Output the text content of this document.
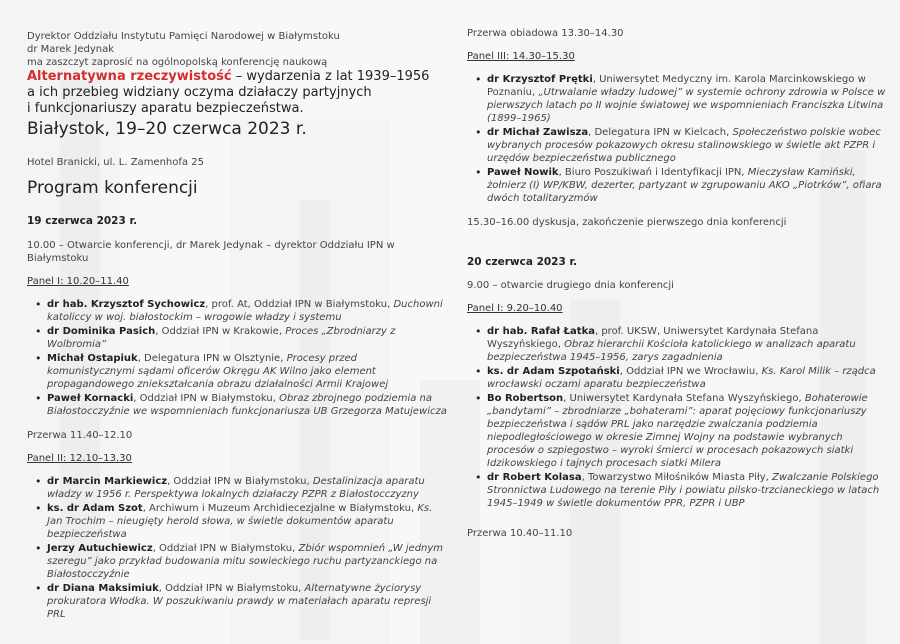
Dyrektor Oddziału Instytutu Pamięci Narodowej w Białymstoku

dr Marek Jedynak

ma zaszczyt zaprosić na ogólnopolską konferencję naukową

Alternatywna rzeczywistość – wydarzenia z lat 1939–1956

a ich przebieg widziany oczyma działaczy partyjnych

i funkcjonariuszy aparatu bezpieczeństwa.

Białystok, 19–20 czerwca 2023 r.

Hotel Branicki, ul. L. Zamenhofa 25

Program konferencji

19 czerwca 2023 r.

10.00 – Otwarcie konferencji, dr Marek Jedynak – dyrektor Oddziału IPN w Białymstoku

Panel I: 10.20–11.40

• dr hab. Krzysztof Sychowicz, prof. At, Oddział IPN w Białymstoku, Duchowni katoliccy w woj. białostockim – wrogowie władzy i systemu
• dr Dominika Pasich, Oddział IPN w Krakowie, Proces „Zbrodniarzy z Wolbromia”
• Michał Ostapiuk, Delegatura IPN w Olsztynie, Procesy przed komunistycznymi sądami oficerów Okręgu AK Wilno jako element propagandowego zniekształcania obrazu działalności Armii Krajowej
• Paweł Kornacki, Oddział IPN w Białymstoku, Obraz zbrojnego podziemia na Białostocczyźnie we wspomnieniach funkcjonariusza UB Grzegorza Matujewicza

Przerwa 11.40–12.10

Panel II: 12.10–13.30

• dr Marcin Markiewicz, Oddział IPN w Białymstoku, Destalinizacja aparatu władzy w 1956 r. Perspektywa lokalnych działaczy PZPR z Białostocczyzny
• ks. dr Adam Szot, Archiwum i Muzeum Archidiecezjalne w Białymstoku, Ks. Jan Trochim – nieugięty herold słowa, w świetle dokumentów aparatu bezpieczeństwa
• Jerzy Autuchiewicz, Oddział IPN w Białymstoku, Zbiór wspomnień „W jednym szeregu” jako przykład budowania mitu sowieckiego ruchu partyzanckiego na Białostocczyźnie
• dr Diana Maksimiuk, Oddział IPN w Białymstoku, Alternatywne życiorysy prokuratora Włodka. W poszukiwaniu prawdy w materiałach aparatu represji PRL

Przerwa obiadowa 13.30–14.30

Panel III: 14.30–15.30

• dr Krzysztof Prętki, Uniwersytet Medyczny im. Karola Marcinkowskiego w Poznaniu, „Utrwalanie władzy ludowej” w systemie ochrony zdrowia w Polsce w pierwszych latach po II wojnie światowej we wspomnieniach Franciszka Litwina (1899–1965)
• dr Michał Zawisza, Delegatura IPN w Kielcach, Społeczeństwo polskie wobec wybranych procesów pokazowych okresu stalinowskiego w świetle akt PZPR i urzędów bezpieczeństwa publicznego
• Paweł Nowik, Biuro Poszukiwań i Identyfikacji IPN, Mieczysław Kamiński, żołnierz (I) WP/KBW, dezerter, partyzant w zgrupowaniu AKO „Piotrków”, ofiara dwóch totalitaryzmów

15.30–16.00 dyskusja, zakończenie pierwszego dnia konferencji

20 czerwca 2023 r.

9.00 – otwarcie drugiego dnia konferencji

Panel I: 9.20–10.40

• dr hab. Rafał Łatka, prof. UKSW, Uniwersytet Kardynała Stefana Wyszyńskiego, Obraz hierarchii Kościoła katolickiego w analizach aparatu bezpieczeństwa 1945–1956, zarys zagadnienia
• ks. dr Adam Szpotański, Oddział IPN we Wrocławiu, Ks. Karol Milik – rządca wrocławski oczami aparatu bezpieczeństwa
• Bo Robertson, Uniwersytet Kardynała Stefana Wyszyńskiego, Bohaterowie „bandytami” – zbrodniarze „bohaterami”: aparat pojęciowy funkcjonariuszy bezpieczeństwa i sądów PRL jako narzędzie zwalczania podziemia niepodległościowego w okresie Zimnej Wojny na podstawie wybranych procesów o szpiegostwo – wyroki śmierci w procesach pokazowych siatki Idzikowskiego i tajnych procesach siatki Milera
• dr Robert Kolasa, Towarzystwo Miłośników Miasta Piły, Zwalczanie Polskiego Stronnictwa Ludowego na terenie Piły i powiatu pilsko-trzcianeckiego w latach 1945–1949 w świetle dokumentów PPR, PZPR i UBP

Przerwa 10.40–11.10
